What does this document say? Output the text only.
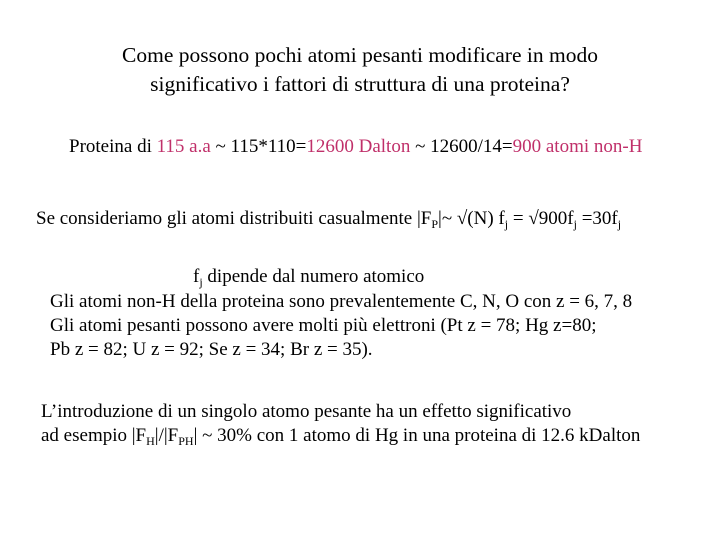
Come possono pochi atomi pesanti modificare in modo
significativo i fattori di struttura di una proteina?
Proteina di 115 a.a ~ 115*110=12600 Dalton ~ 12600/14=900 atomi non-H
Se consideriamo gli atomi distribuiti casualmente $|F_P|\sim$ √(N) $f_j = √900f_j =30f_j$
$f_j$ dipende dal numero atomico
Gli atomi non-H della proteina sono prevalentemente C, N, O con z = 6, 7, 8
Gli atomi pesanti possono avere molti più elettroni (Pt z = 78; Hg z=80;
Pb z = 82; U z = 92; Se z = 34; Br z = 35).
L’introduzione di un singolo atomo pesante ha un effetto significativo
ad esempio $|F_H|/|F_{PH}|$ ~ 30% con 1 atomo di Hg in una proteina di 12.6 kDalton
